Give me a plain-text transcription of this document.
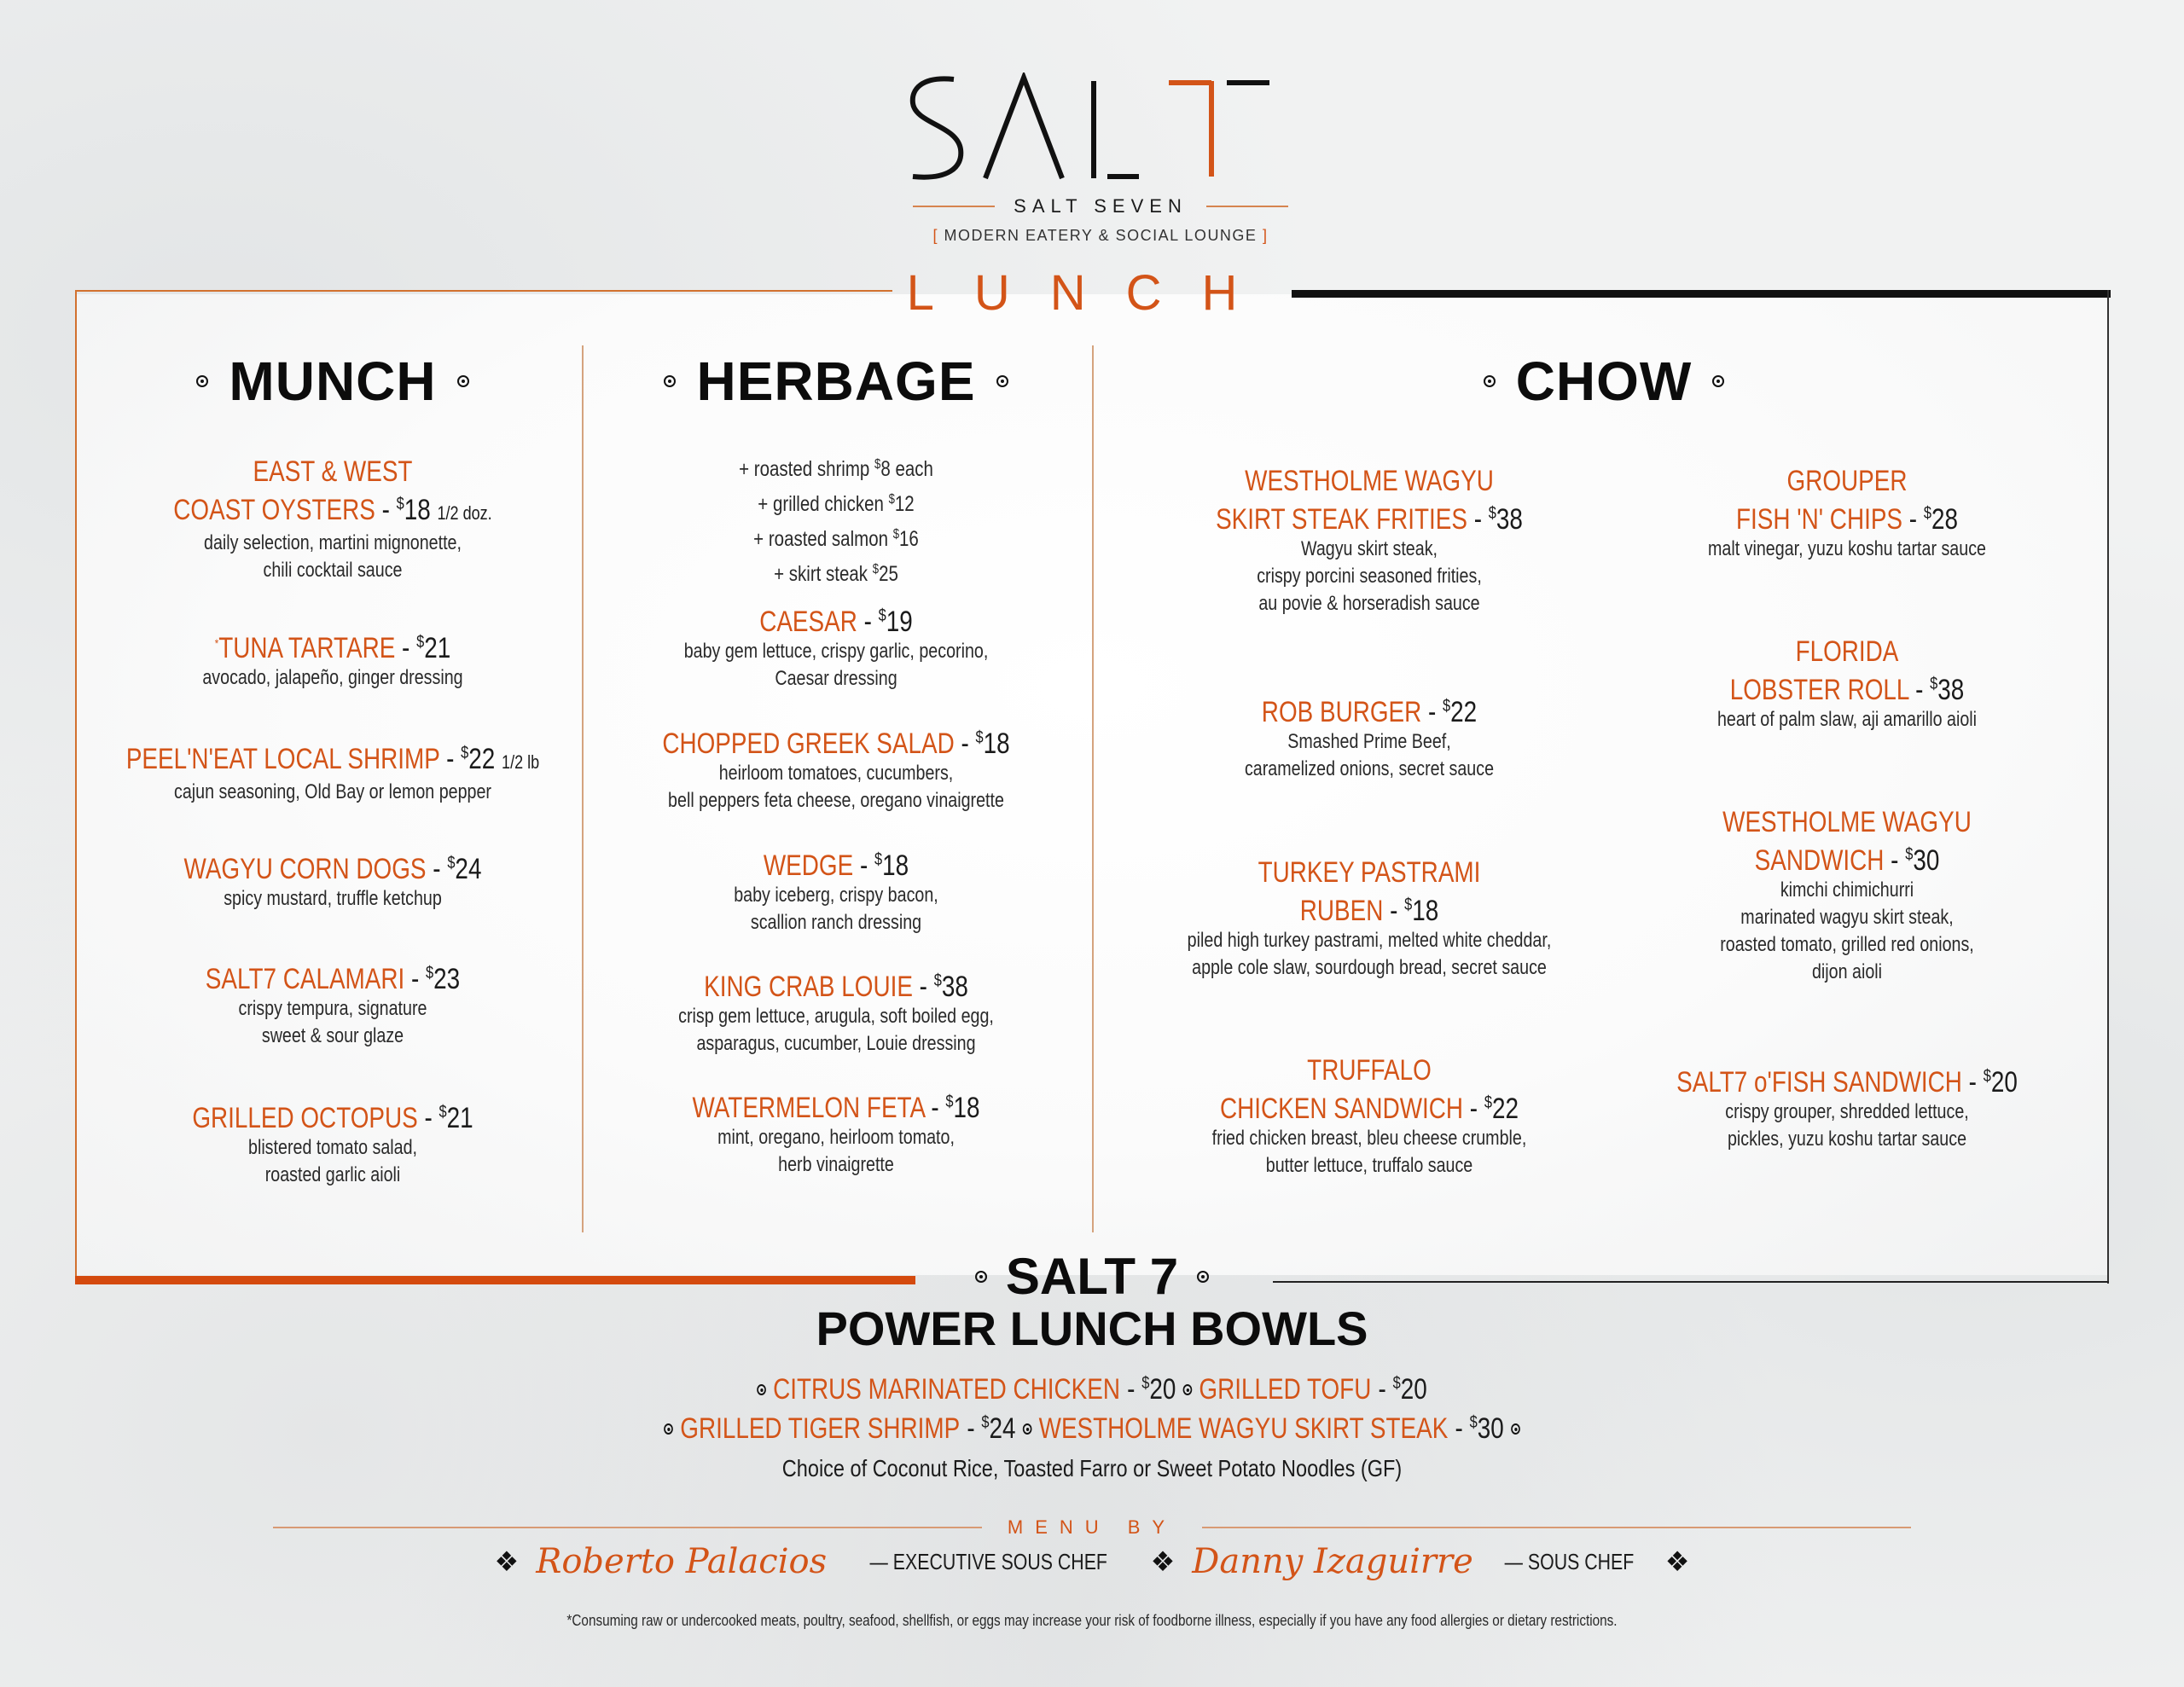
SALT SEVEN
[ MODERN EATERY & SOCIAL LOUNGE ]
LUNCH
MUNCH
EAST & WEST
COAST OYSTERS - $18 1/2 doz.
daily selection, martini mignonette,
chili cocktail sauce
*TUNA TARTARE - $21
avocado, jalapeño, ginger dressing
PEEL'N'EAT LOCAL SHRIMP - $22 1/2 lb
cajun seasoning, Old Bay or lemon pepper
WAGYU CORN DOGS - $24
spicy mustard, truffle ketchup
SALT7 CALAMARI - $23
crispy tempura, signature
sweet & sour glaze
GRILLED OCTOPUS - $21
blistered tomato salad,
roasted garlic aioli
HERBAGE
+ roasted shrimp $8 each
+ grilled chicken $12
+ roasted salmon $16
+ skirt steak $25
CAESAR - $19
baby gem lettuce, crispy garlic, pecorino,
Caesar dressing
CHOPPED GREEK SALAD - $18
heirloom tomatoes, cucumbers,
bell peppers feta cheese, oregano vinaigrette
WEDGE - $18
baby iceberg, crispy bacon,
scallion ranch dressing
KING CRAB LOUIE - $38
crisp gem lettuce, arugula, soft boiled egg,
asparagus, cucumber, Louie dressing
WATERMELON FETA - $18
mint, oregano, heirloom tomato,
herb vinaigrette
CHOW
WESTHOLME WAGYU
SKIRT STEAK FRITIES - $38
Wagyu skirt steak,
crispy porcini seasoned frities,
au povie & horseradish sauce
ROB BURGER - $22
Smashed Prime Beef,
caramelized onions, secret sauce
TURKEY PASTRAMI
RUBEN - $18
piled high turkey pastrami, melted white cheddar,
apple cole slaw, sourdough bread, secret sauce
TRUFFALO
CHICKEN SANDWICH - $22
fried chicken breast, bleu cheese crumble,
butter lettuce, truffalo sauce
GROUPER
FISH 'N' CHIPS - $28
malt vinegar, yuzu koshu tartar sauce
FLORIDA
LOBSTER ROLL - $38
heart of palm slaw, aji amarillo aioli
WESTHOLME WAGYU
SANDWICH - $30
kimchi chimichurri
marinated wagyu skirt steak,
roasted tomato, grilled red onions,
dijon aioli
SALT7 o'FISH SANDWICH - $20
crispy grouper, shredded lettuce,
pickles, yuzu koshu tartar sauce
SALT 7
POWER LUNCH BOWLS
CITRUS MARINATED CHICKEN - $20 GRILLED TOFU - $20
GRILLED TIGER SHRIMP - $24 WESTHOLME WAGYU SKIRT STEAK - $30
Choice of Coconut Rice, Toasted Farro or Sweet Potato Noodles (GF)
MENU BY
❖ Roberto Palacios — EXECUTIVE SOUS CHEF ❖ Danny Izaguirre — SOUS CHEF ❖
*Consuming raw or undercooked meats, poultry, seafood, shellfish, or eggs may increase your risk of foodborne illness, especially if you have any food allergies or dietary restrictions.
